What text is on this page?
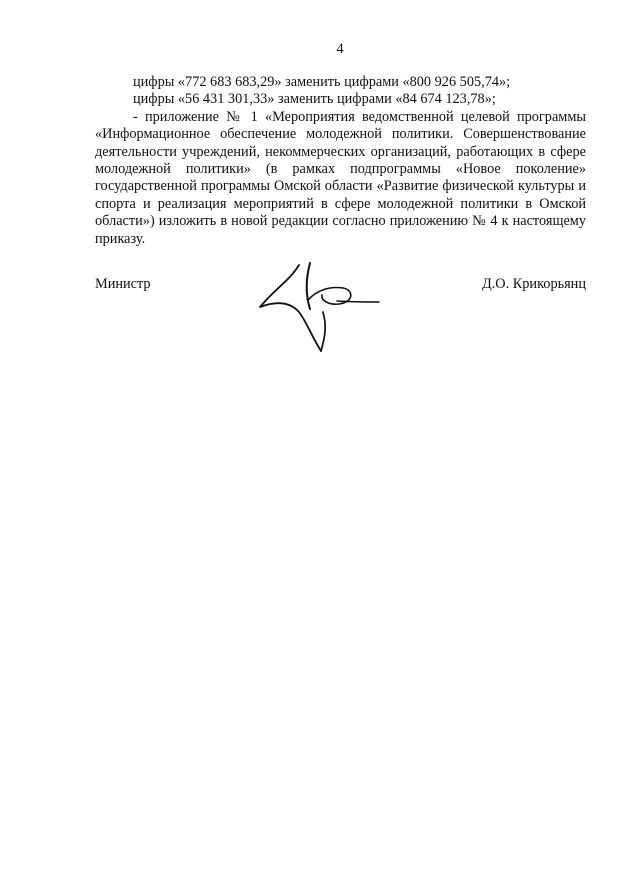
4

цифры «772 683 683,29» заменить цифрами «800 926 505,74»;

цифры «56 431 301,33» заменить цифрами «84 674 123,78»;

- приложение № 1 «Мероприятия ведомственной целевой программы «Информационное обеспечение молодежной политики. Совершенствование деятельности учреждений, некоммерческих организаций, работающих в сфере молодежной политики» (в рамках подпрограммы «Новое поколение» государственной программы Омской области «Развитие физической культуры и спорта и реализация мероприятий в сфере молодежной политики в Омской области») изложить в новой редакции согласно приложению № 4 к настоящему приказу.

Министр	Д.О. Крикорьянц
